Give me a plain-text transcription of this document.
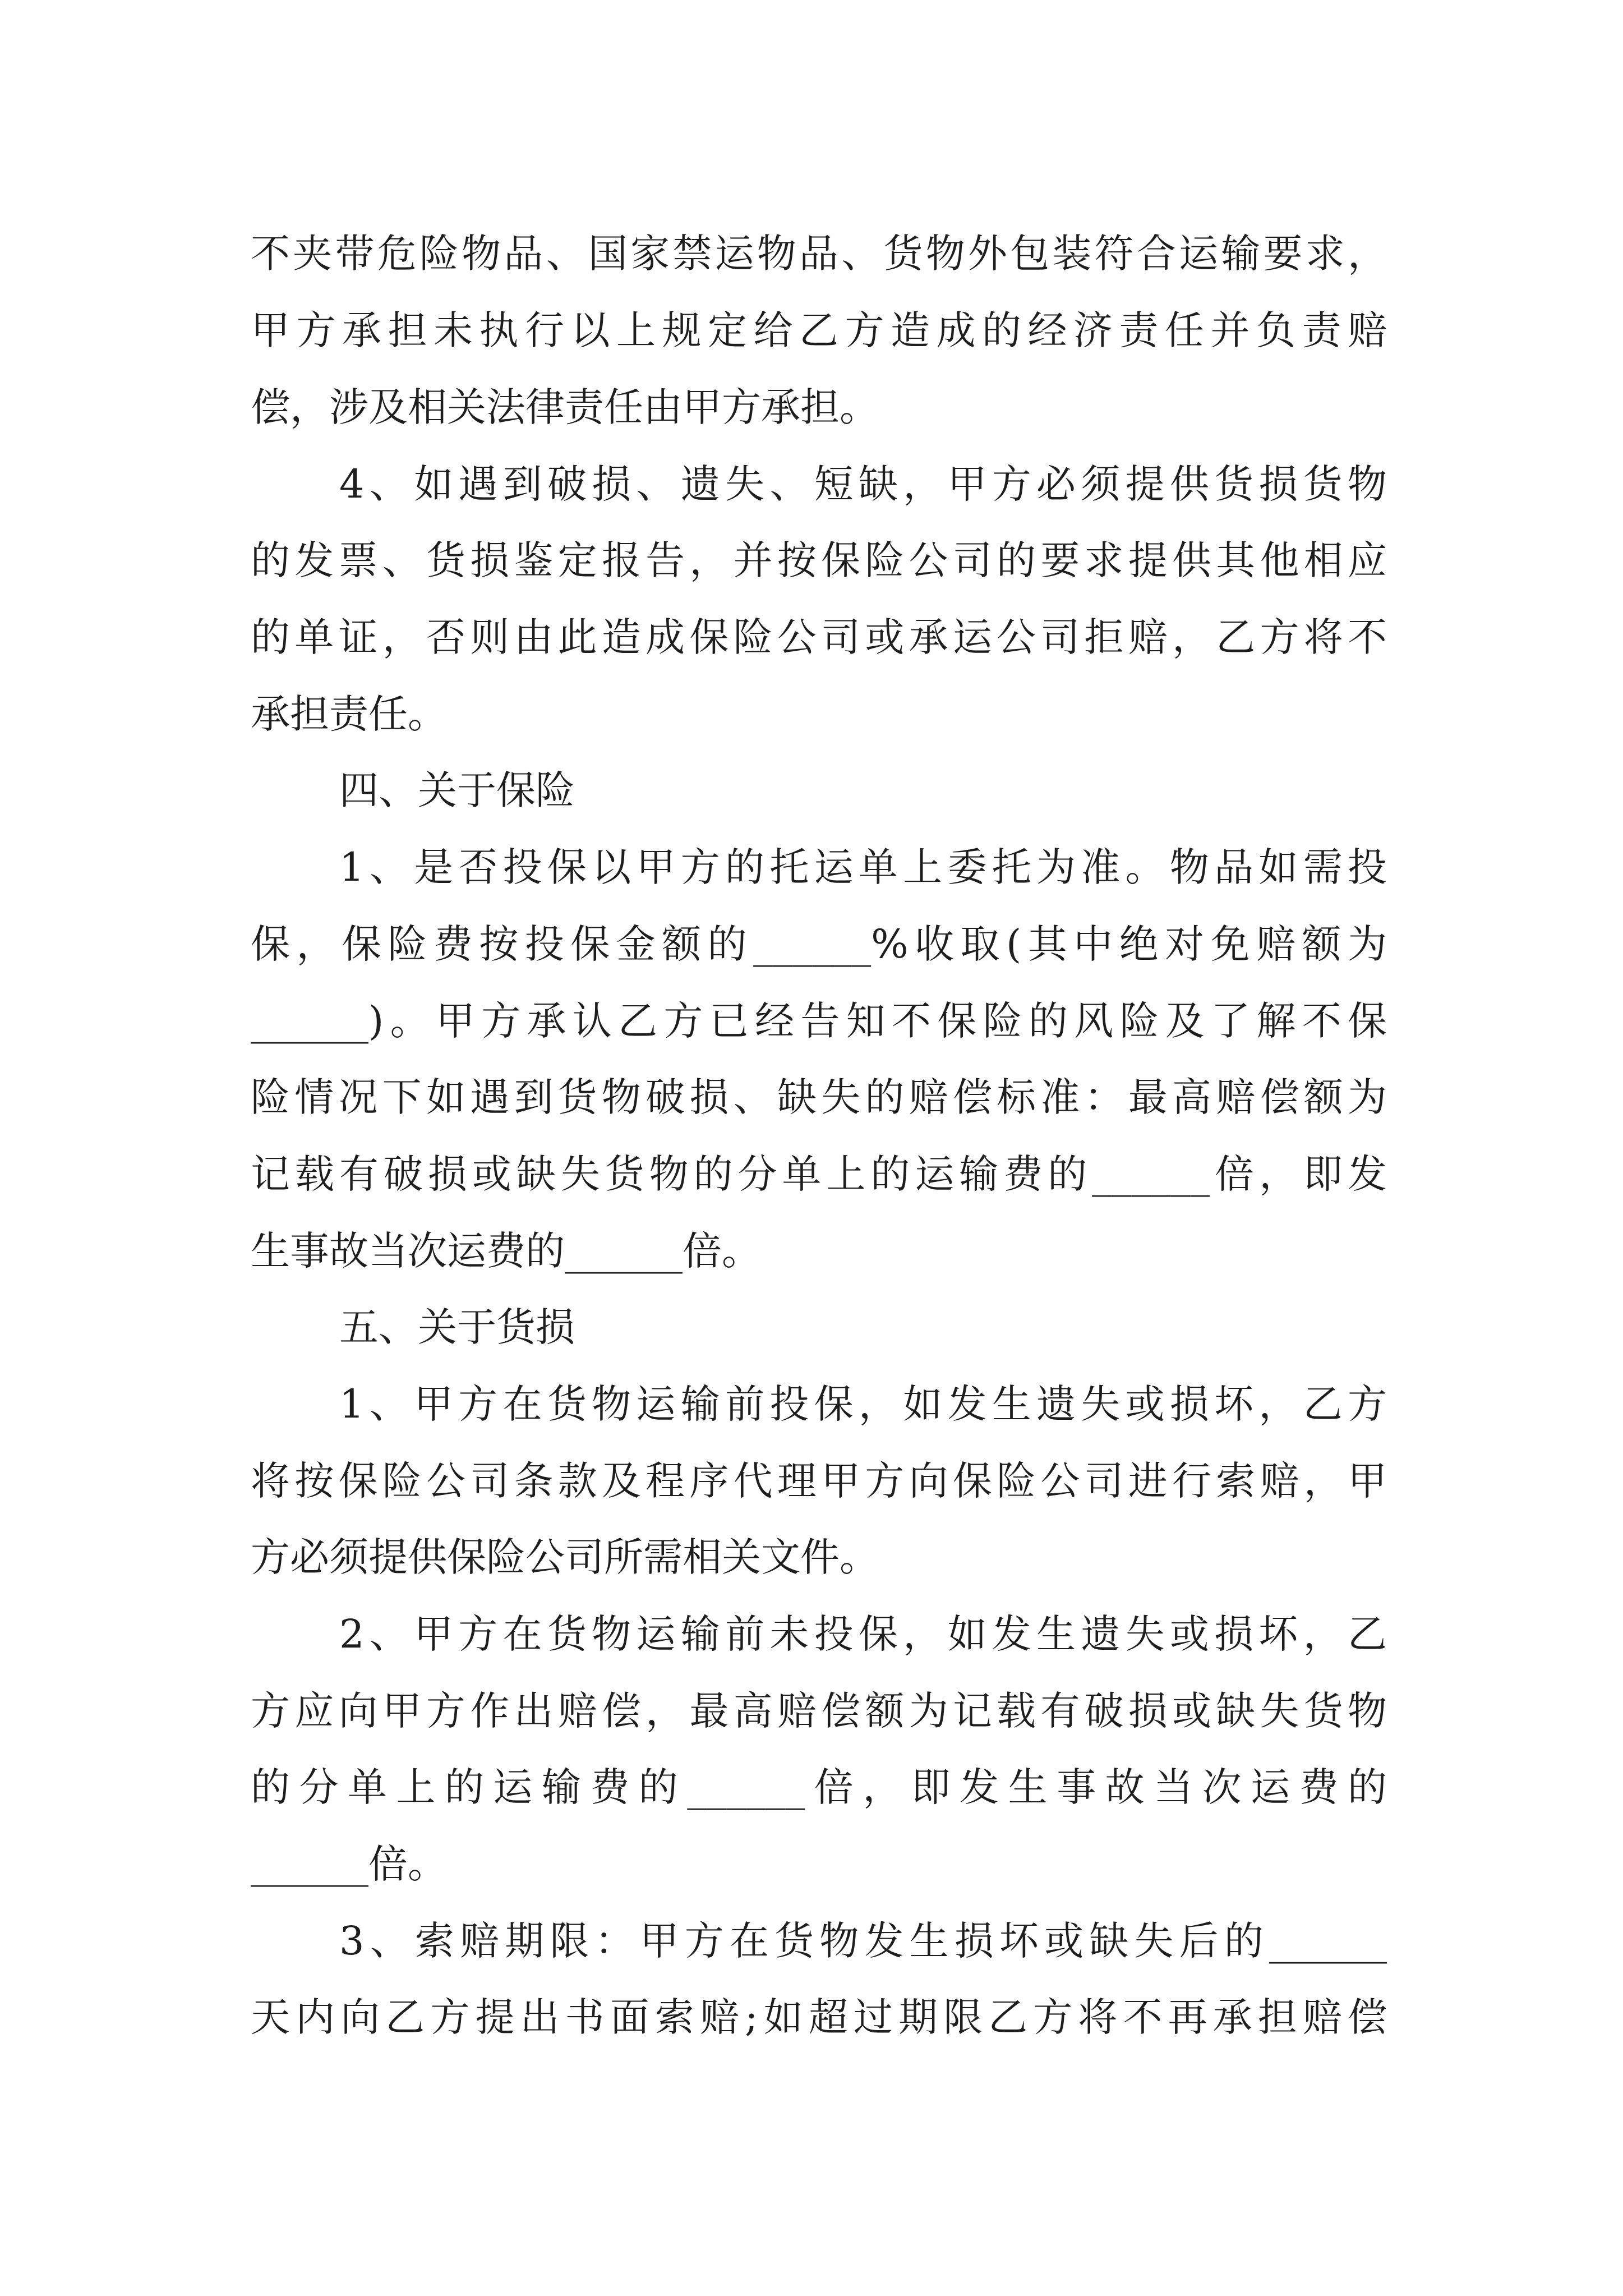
不夹带危险物品、国家禁运物品、货物外包装符合运输要求，
甲方承担未执行以上规定给乙方造成的经济责任并负责赔
偿，涉及相关法律责任由甲方承担。
4、如遇到破损、遗失、短缺，甲方必须提供货损货物
的发票、货损鉴定报告，并按保险公司的要求提供其他相应
的单证，否则由此造成保险公司或承运公司拒赔，乙方将不
承担责任。
四、关于保险
1、是否投保以甲方的托运单上委托为准。物品如需投
保，保险费按投保金额的______%收取(其中绝对免赔额为
______)。甲方承认乙方已经告知不保险的风险及了解不保
险情况下如遇到货物破损、缺失的赔偿标准：最高赔偿额为
记载有破损或缺失货物的分单上的运输费的______倍，即发
生事故当次运费的______倍。
五、关于货损
1、甲方在货物运输前投保，如发生遗失或损坏，乙方
将按保险公司条款及程序代理甲方向保险公司进行索赔，甲
方必须提供保险公司所需相关文件。
2、甲方在货物运输前未投保，如发生遗失或损坏，乙
方应向甲方作出赔偿，最高赔偿额为记载有破损或缺失货物
的分单上的运输费的______倍，即发生事故当次运费的
______倍。
3、索赔期限：甲方在货物发生损坏或缺失后的______
天内向乙方提出书面索赔;如超过期限乙方将不再承担赔偿
